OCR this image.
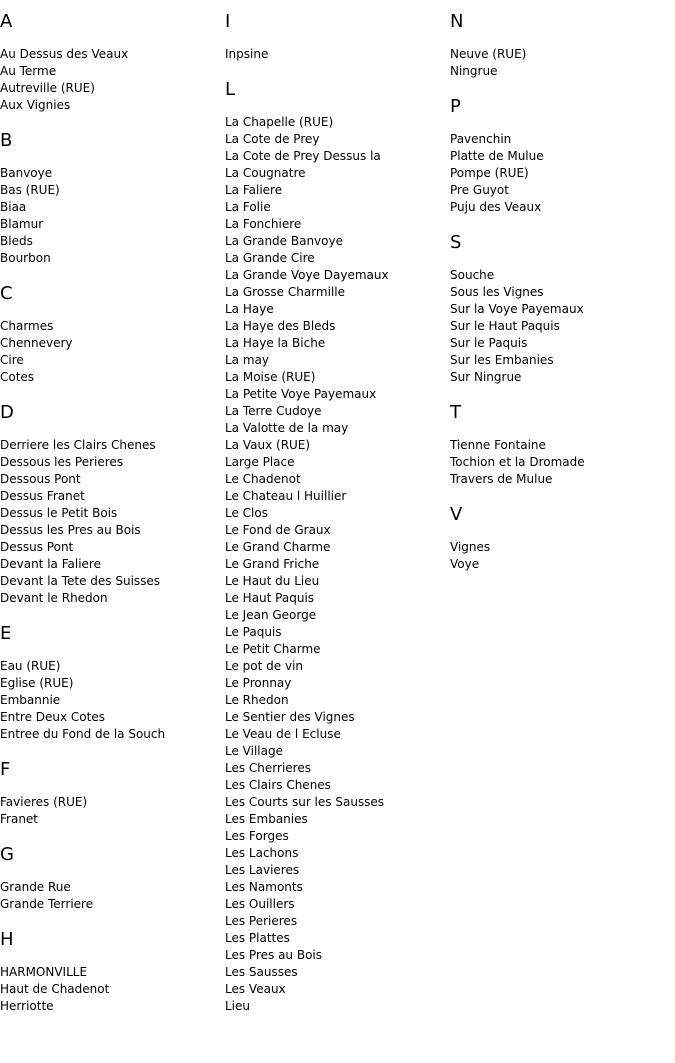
A
Au Dessus des Veaux
Au Terme
Autreville (RUE)
Aux Vignies
B
Banvoye
Bas (RUE)
Biaa
Blamur
Bleds
Bourbon
C
Charmes
Chennevery
Cire
Cotes
D
Derriere les Clairs Chenes
Dessous les Perieres
Dessous Pont
Dessus Franet
Dessus le Petit Bois
Dessus les Pres au Bois
Dessus Pont
Devant la Faliere
Devant la Tete des Suisses
Devant le Rhedon
E
Eau (RUE)
Eglise (RUE)
Embannie
Entre Deux Cotes
Entree du Fond de la Souch
F
Favieres (RUE)
Franet
G
Grande Rue
Grande Terriere
H
HARMONVILLE
Haut de Chadenot
Herriotte
I
Inpsine
L
La Chapelle (RUE)
La Cote de Prey
La Cote de Prey Dessus la
La Cougnatre
La Faliere
La Folie
La Fonchiere
La Grande Banvoye
La Grande Cire
La Grande Voye Dayemaux
La Grosse Charmille
La Haye
La Haye des Bleds
La Haye la Biche
La may
La Moise (RUE)
La Petite Voye Payemaux
La Terre Cudoye
La Valotte de la may
La Vaux (RUE)
Large Place
Le Chadenot
Le Chateau l Huillier
Le Clos
Le Fond de Graux
Le Grand Charme
Le Grand Friche
Le Haut du Lieu
Le Haut Paquis
Le Jean George
Le Paquis
Le Petit Charme
Le pot de vin
Le Pronnay
Le Rhedon
Le Sentier des Vignes
Le Veau de l Ecluse
Le Village
Les Cherrieres
Les Clairs Chenes
Les Courts sur les Sausses
Les Embanies
Les Forges
Les Lachons
Les Lavieres
Les Namonts
Les Ouillers
Les Perieres
Les Plattes
Les Pres au Bois
Les Sausses
Les Veaux
Lieu
N
Neuve (RUE)
Ningrue
P
Pavenchin
Platte de Mulue
Pompe (RUE)
Pre Guyot
Puju des Veaux
S
Souche
Sous les Vignes
Sur la Voye Payemaux
Sur le Haut Paquis
Sur le Paquis
Sur les Embanies
Sur Ningrue
T
Tienne Fontaine
Tochion et la Dromade
Travers de Mulue
V
Vignes
Voye
